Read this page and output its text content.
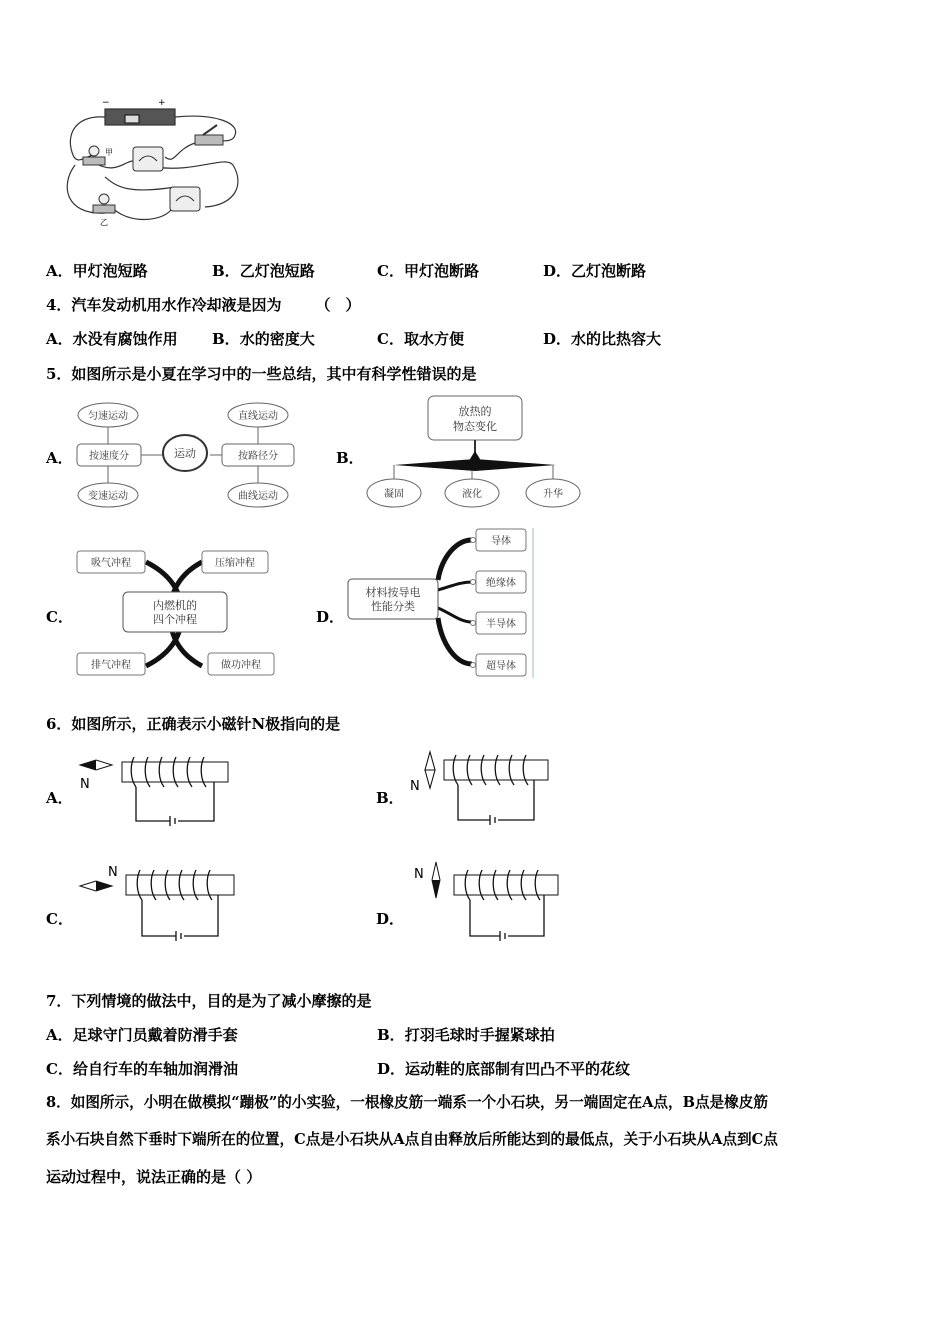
−	+
甲
乙
A．甲灯泡短路	B．乙灯泡短路	C．甲灯泡断路	D．乙灯泡断路
4．汽车发动机用水作冷却液是因为 （　）
A．水没有腐蚀作用 B．水的密度大	C．取水方便	D．水的比热容大
5．如图所示是小夏在学习中的一些总结，其中有科学性错误的是
A．
匀速运动
变速运动
直线运动
曲线运动
按速度分	按路径分
运动	B．
放热的
物态变化
凝固	液化	升华
C．
吸气冲程	压缩冲程
排气冲程	做功冲程
内燃机的
四个冲程	D．
材料按导电
性能分类
导体
绝缘体
半导体
超导体
6．如图所示，正确表示小磁针N极指向的是
A．
N
B．
N
C．
N
D．
N
7．下列情境的做法中，目的是为了减小摩擦的是
A．足球守门员戴着防滑手套	B．打羽毛球时手握紧球拍
C．给自行车的车轴加润滑油	D．运动鞋的底部制有凹凸不平的花纹
8．如图所示，小明在做模拟“蹦极”的小实验，一根橡皮筋一端系一个小石块，另一端固定在A点，B点是橡皮筋
系小石块自然下垂时下端所在的位置，C点是小石块从A点自由释放后所能达到的最低点，关于小石块从A点到C点
运动过程中，说法正确的是（ ）
